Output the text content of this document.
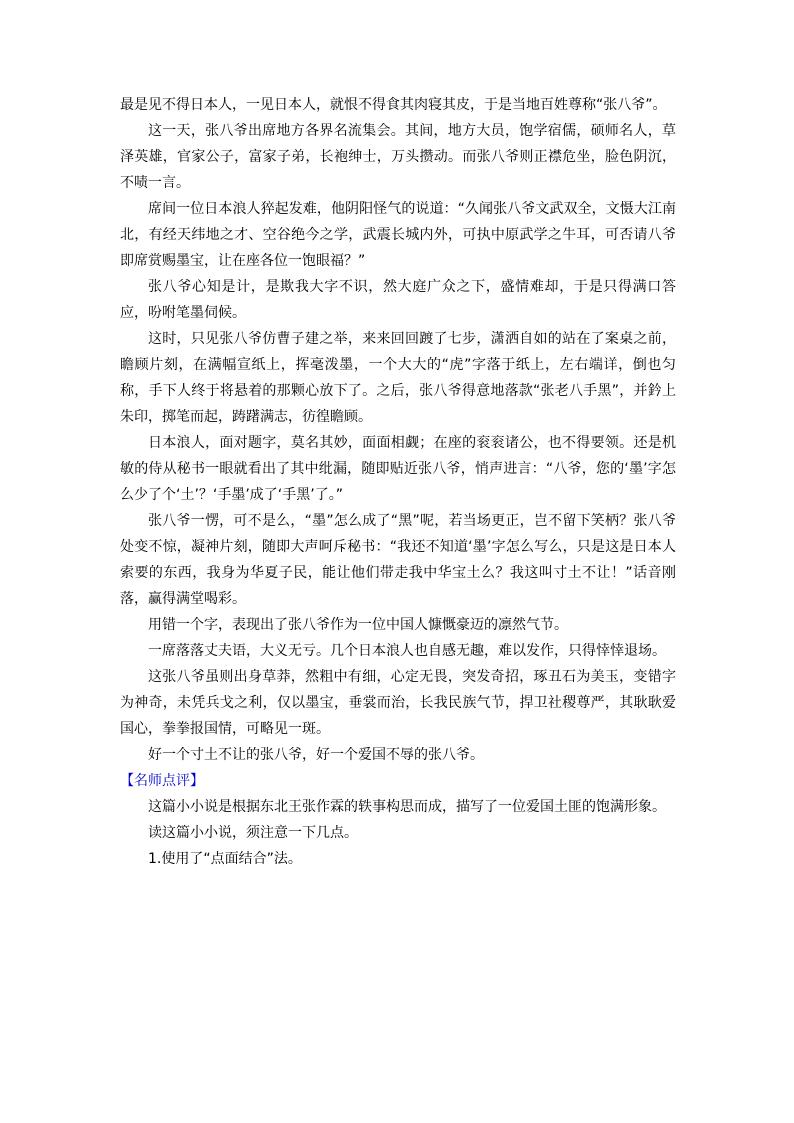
最是见不得日本人，一见日本人，就恨不得食其肉寝其皮，于是当地百姓尊称“张八爷”。

这一天，张八爷出席地方各界名流集会。其间，地方大员，饱学宿儒，硕师名人，草泽英雄，官家公子，富家子弟，长袍绅士，万头攒动。而张八爷则正襟危坐，脸色阴沉，不啧一言。

席间一位日本浪人猝起发难，他阴阳怪气的说道：“久闻张八爷文武双全，文慑大江南北，有经天纬地之才、空谷绝今之学，武震长城内外，可执中原武学之牛耳，可否请八爷即席赏赐墨宝，让在座各位一饱眼福？”

张八爷心知是计，是欺我大字不识，然大庭广众之下，盛情难却，于是只得满口答应，吩咐笔墨伺候。

这时，只见张八爷仿曹子建之举，来来回回踱了七步，潇洒自如的站在了案桌之前，瞻顾片刻，在满幅宣纸上，挥毫泼墨，一个大大的“虎”字落于纸上，左右端详，倒也匀称，手下人终于将悬着的那颗心放下了。之后，张八爷得意地落款“张老八手黑”，并鈐上朱印，掷笔而起，踌躇满志，彷徨瞻顾。

日本浪人，面对题字，莫名其妙，面面相觑；在座的衮衮诸公，也不得要领。还是机敏的侍从秘书一眼就看出了其中纰漏，随即贴近张八爷，悄声进言：“八爷，您的‘墨’字怎么少了个‘土’？‘手墨’成了‘手黑’了。”

张八爷一愣，可不是么，“墨”怎么成了“黑”呢，若当场更正，岂不留下笑柄？张八爷处变不惊，凝神片刻，随即大声呵斥秘书：“我还不知道‘墨’字怎么写么，只是这是日本人索要的东西，我身为华夏子民，能让他们带走我中华宝土么？我这叫寸土不让！”话音刚落，赢得满堂喝彩。

用错一个字，表现出了张八爷作为一位中国人慷慨豪迈的凛然气节。

一席落落丈夫语，大义无亏。几个日本浪人也自感无趣，难以发作，只得悻悻退场。

这张八爷虽则出身草莽，然粗中有细，心定无畏，突发奇招，琢丑石为美玉，变错字为神奇，未凭兵戈之利，仅以墨宝，垂裳而治，长我民族气节，捍卫社稷尊严，其耿耿爱国心，拳拳报国情，可略见一斑。

好一个寸土不让的张八爷，好一个爱国不辱的张八爷。

【名师点评】

这篇小小说是根据东北王张作霖的轶事构思而成，描写了一位爱国土匪的饱满形象。

读这篇小小说，须注意一下几点。

1.使用了“点面结合”法。
